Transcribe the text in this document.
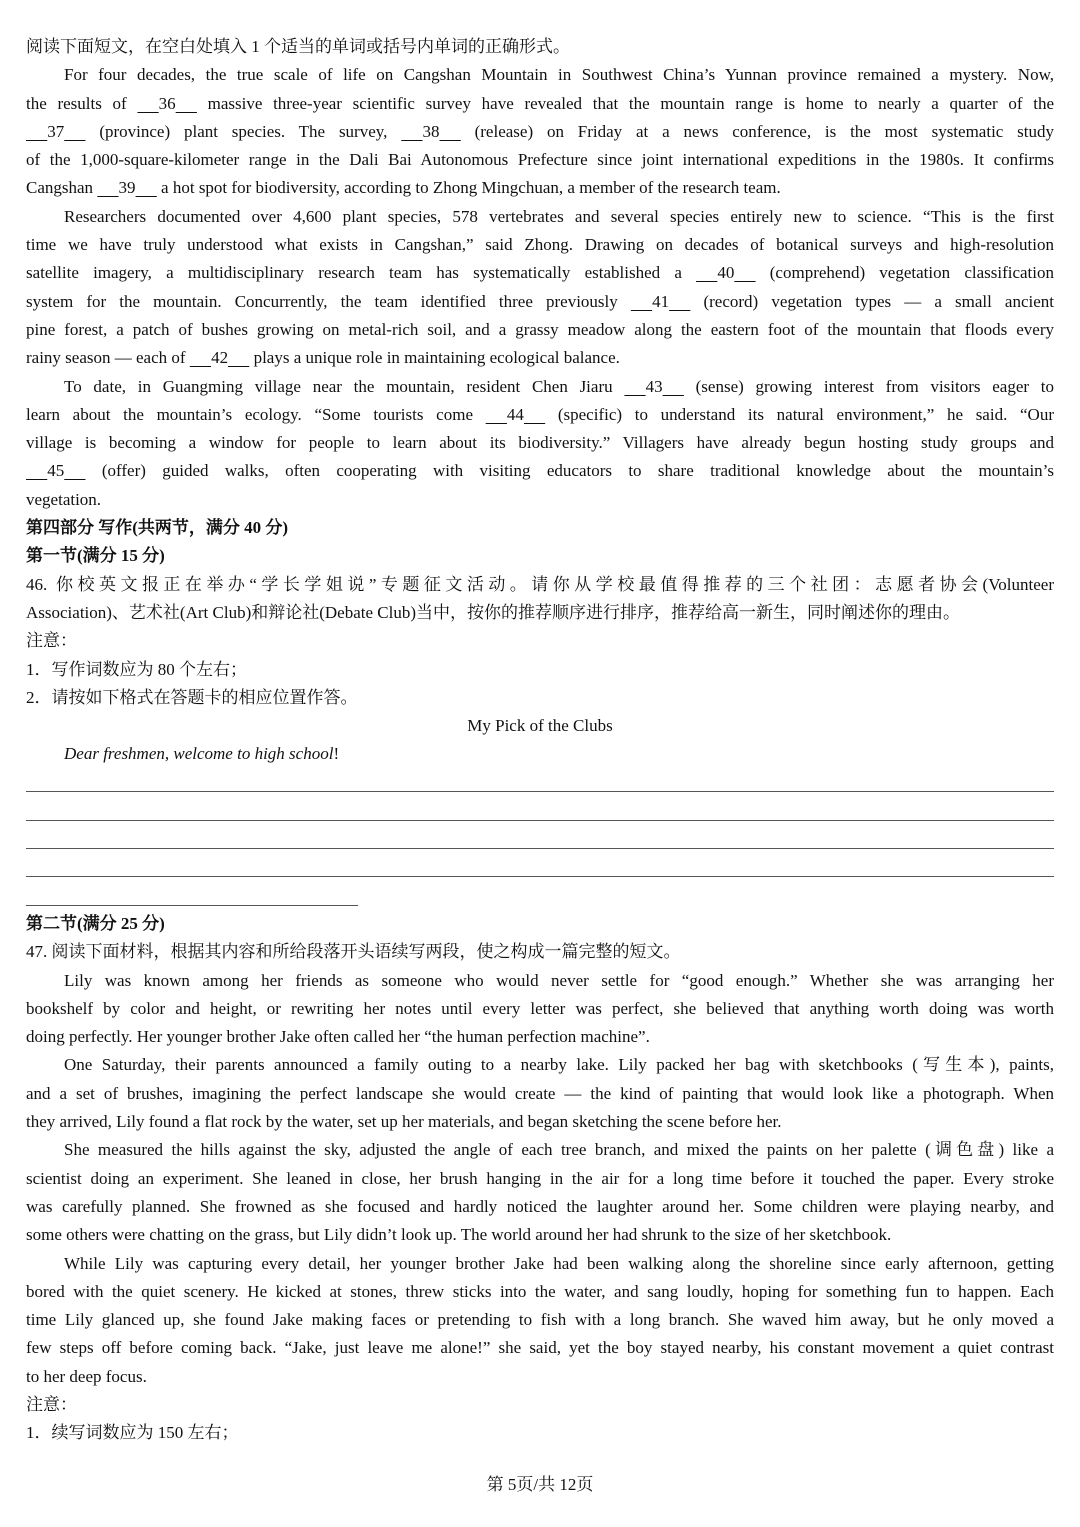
阅读下面短文，在空白处填入 1 个适当的单词或括号内单词的正确形式。
For four decades, the true scale of life on Cangshan Mountain in Southwest China’s Yunnan province remained a mystery. Now,
the results of 36 massive three-year scientific survey have revealed that the mountain range is home to nearly a quarter of the
37 (province) plant species. The survey, 38 (release) on Friday at a news conference, is the most systematic study
of the 1,000-square-kilometer range in the Dali Bai Autonomous Prefecture since joint international expeditions in the 1980s. It confirms
Cangshan 39 a hot spot for biodiversity, according to Zhong Mingchuan, a member of the research team.
Researchers documented over 4,600 plant species, 578 vertebrates and several species entirely new to science. “This is the first
time we have truly understood what exists in Cangshan,” said Zhong. Drawing on decades of botanical surveys and high-resolution
satellite imagery, a multidisciplinary research team has systematically established a 40 (comprehend) vegetation classification
system for the mountain. Concurrently, the team identified three previously 41 (record) vegetation types — a small ancient
pine forest, a patch of bushes growing on metal-rich soil, and a grassy meadow along the eastern foot of the mountain that floods every
rainy season — each of 42 plays a unique role in maintaining ecological balance.
To date, in Guangming village near the mountain, resident Chen Jiaru 43 (sense) growing interest from visitors eager to
learn about the mountain’s ecology. “Some tourists come 44 (specific) to understand its natural environment,” he said. “Our
village is becoming a window for people to learn about its biodiversity.” Villagers have already begun hosting study groups and
45 (offer) guided walks, often cooperating with visiting educators to share traditional knowledge about the mountain’s
vegetation.
第四部分 写作(共两节，满分 40 分)
第一节(满分 15 分)
46. 你校英文报正在举办“学长学姐说”专题征文活动。请你从学校最值得推荐的三个社团：志愿者协会(Volunteer
Association)、艺术社(Art Club)和辩论社(Debate Club)当中，按你的推荐顺序进行排序，推荐给高一新生，同时阐述你的理由。
注意：
1．写作词数应为 80 个左右；
2．请按如下格式在答题卡的相应位置作答。
My Pick of the Clubs
Dear freshmen, welcome to high school!
第二节(满分 25 分)
47. 阅读下面材料，根据其内容和所给段落开头语续写两段，使之构成一篇完整的短文。
Lily was known among her friends as someone who would never settle for “good enough.” Whether she was arranging her
bookshelf by color and height, or rewriting her notes until every letter was perfect, she believed that anything worth doing was worth
doing perfectly. Her younger brother Jake often called her “the human perfection machine”.
One Saturday, their parents announced a family outing to a nearby lake. Lily packed her bag with sketchbooks (写生本), paints,
and a set of brushes, imagining the perfect landscape she would create — the kind of painting that would look like a photograph. When
they arrived, Lily found a flat rock by the water, set up her materials, and began sketching the scene before her.
She measured the hills against the sky, adjusted the angle of each tree branch, and mixed the paints on her palette (调色盘) like a
scientist doing an experiment. She leaned in close, her brush hanging in the air for a long time before it touched the paper. Every stroke
was carefully planned. She frowned as she focused and hardly noticed the laughter around her. Some children were playing nearby, and
some others were chatting on the grass, but Lily didn’t look up. The world around her had shrunk to the size of her sketchbook.
While Lily was capturing every detail, her younger brother Jake had been walking along the shoreline since early afternoon, getting
bored with the quiet scenery. He kicked at stones, threw sticks into the water, and sang loudly, hoping for something fun to happen. Each
time Lily glanced up, she found Jake making faces or pretending to fish with a long branch. She waved him away, but he only moved a
few steps off before coming back. “Jake, just leave me alone!” she said, yet the boy stayed nearby, his constant movement a quiet contrast
to her deep focus.
注意：
1．续写词数应为 150 左右；
第 5页/共 12页
